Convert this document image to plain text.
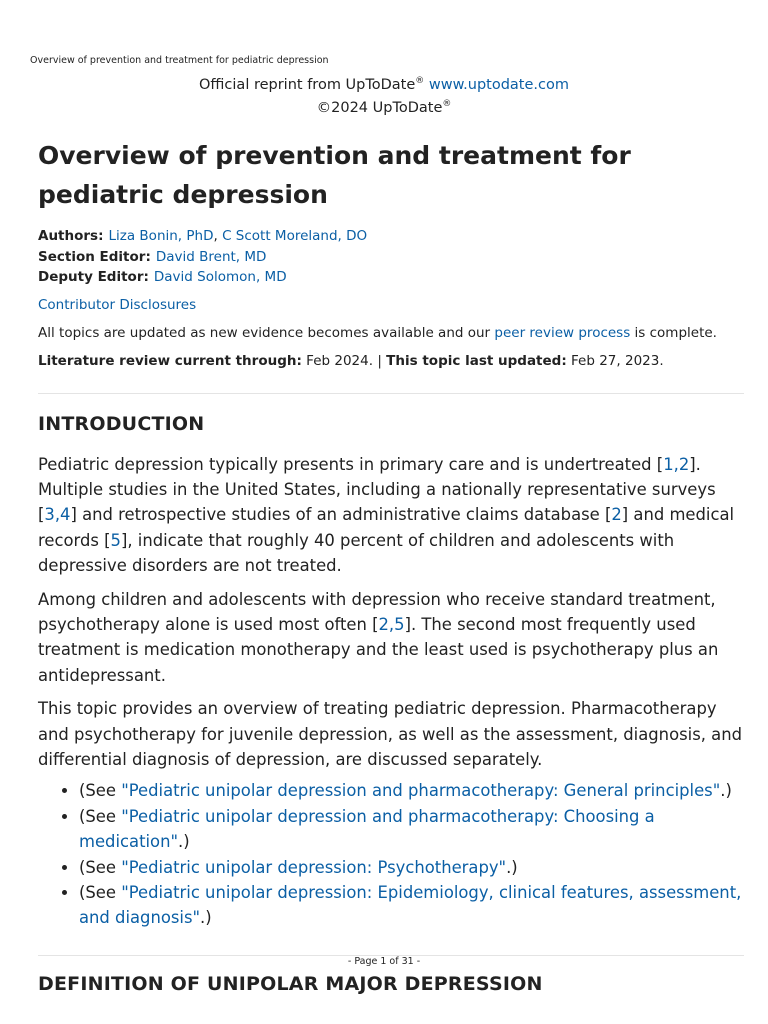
Overview of prevention and treatment for pediatric depression
Official reprint from UpToDate® www.uptodate.com
©2024 UpToDate®
Overview of prevention and treatment for pediatric depression
Authors: Liza Bonin, PhD, C Scott Moreland, DO
Section Editor: David Brent, MD
Deputy Editor: David Solomon, MD
Contributor Disclosures
All topics are updated as new evidence becomes available and our peer review process is complete.
Literature review current through: Feb 2024. | This topic last updated: Feb 27, 2023.
INTRODUCTION

Pediatric depression typically presents in primary care and is undertreated [1,2]. Multiple studies in the United States, including a nationally representative surveys [3,4] and retrospective studies of an administrative claims database [2] and medical records [5], indicate that roughly 40 percent of children and adolescents with depressive disorders are not treated.

Among children and adolescents with depression who receive standard treatment, psychotherapy alone is used most often [2,5]. The second most frequently used treatment is medication monotherapy and the least used is psychotherapy plus an antidepressant.

This topic provides an overview of treating pediatric depression. Pharmacotherapy and psychotherapy for juvenile depression, as well as the assessment, diagnosis, and differential diagnosis of depression, are discussed separately.

• (See "Pediatric unipolar depression and pharmacotherapy: General principles".)
• (See "Pediatric unipolar depression and pharmacotherapy: Choosing a medication".)
• (See "Pediatric unipolar depression: Psychotherapy".)
• (See "Pediatric unipolar depression: Epidemiology, clinical features, assessment, and diagnosis".)
DEFINITION OF UNIPOLAR MAJOR DEPRESSION
- Page 1 of 31 -
